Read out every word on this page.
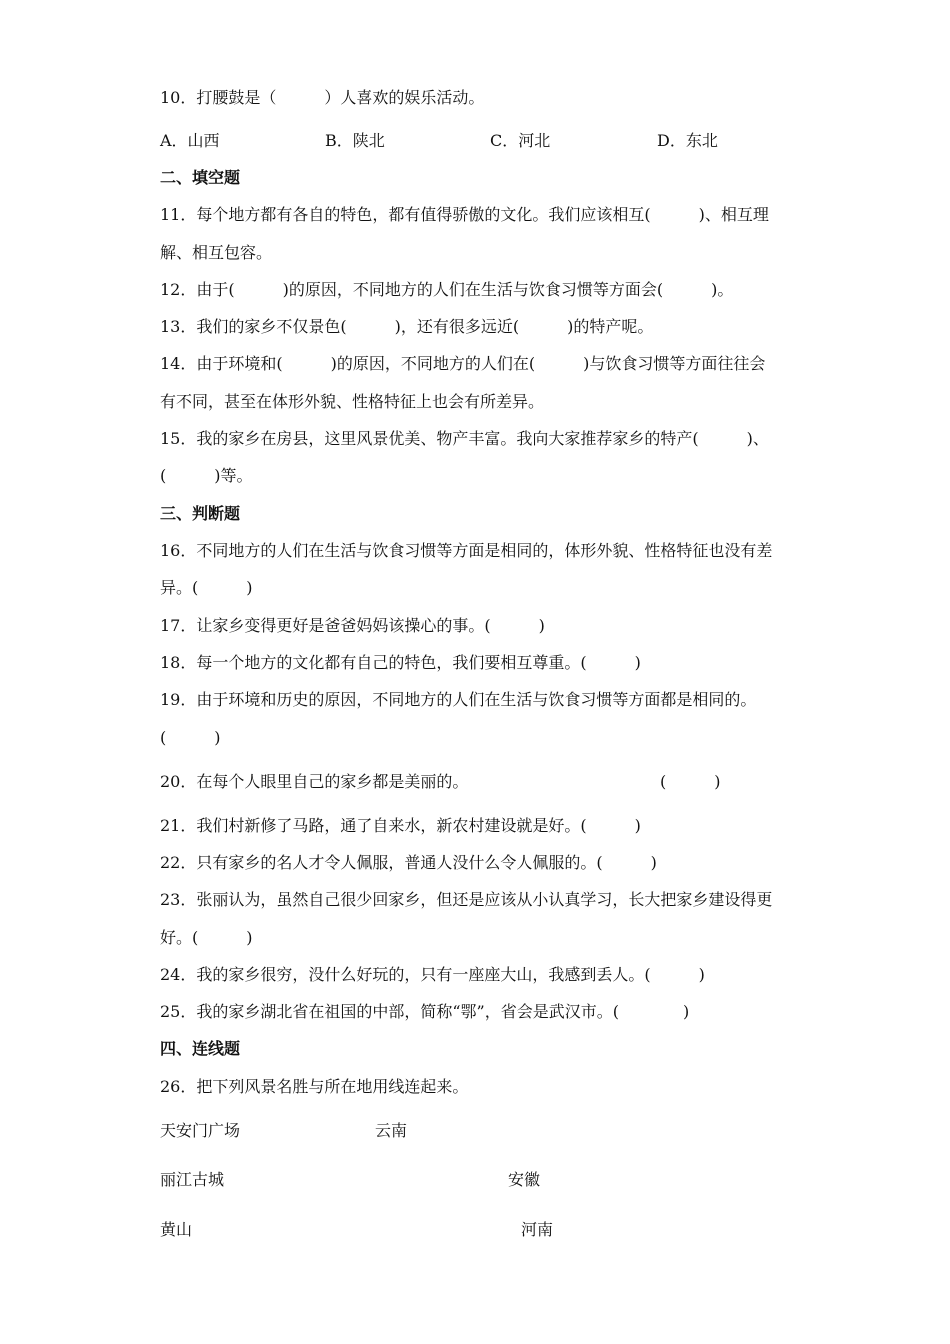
10．打腰鼓是（　　　）人喜欢的娱乐活动。
A．山西	B．陕北	C．河北	D．东北
二、填空题
11．每个地方都有各自的特色，都有值得骄傲的文化。我们应该相互(　　　)、相互理
解、相互包容。
12．由于(　　　)的原因，不同地方的人们在生活与饮食习惯等方面会(　　　)。
13．我们的家乡不仅景色(　　　)，还有很多远近(　　　)的特产呢。
14．由于环境和(　　　)的原因，不同地方的人们在(　　　)与饮食习惯等方面往往会
有不同，甚至在体形外貌、性格特征上也会有所差异。
15．我的家乡在房县，这里风景优美、物产丰富。我向大家推荐家乡的特产(　　　)、
(　　　)等。
三、判断题
16．不同地方的人们在生活与饮食习惯等方面是相同的，体形外貌、性格特征也没有差
异。(　　　)
17．让家乡变得更好是爸爸妈妈该操心的事。(　　　)
18．每一个地方的文化都有自己的特色，我们要相互尊重。(　　　)
19．由于环境和历史的原因，不同地方的人们在生活与饮食习惯等方面都是相同的。
(　　　)
20．在每个人眼里自己的家乡都是美丽的。	(　　　)
21．我们村新修了马路，通了自来水，新农村建设就是好。(　　　)
22．只有家乡的名人才令人佩服，普通人没什么令人佩服的。(　　　)
23．张丽认为，虽然自己很少回家乡，但还是应该从小认真学习，长大把家乡建设得更
好。(　　　)
24．我的家乡很穷，没什么好玩的，只有一座座大山，我感到丢人。(　　　)
25．我的家乡湖北省在祖国的中部，简称“鄂”，省会是武汉市。(　　　　)
四、连线题
26．把下列风景名胜与所在地用线连起来。
天安门广场	云南
丽江古城	安徽
黄山	河南
